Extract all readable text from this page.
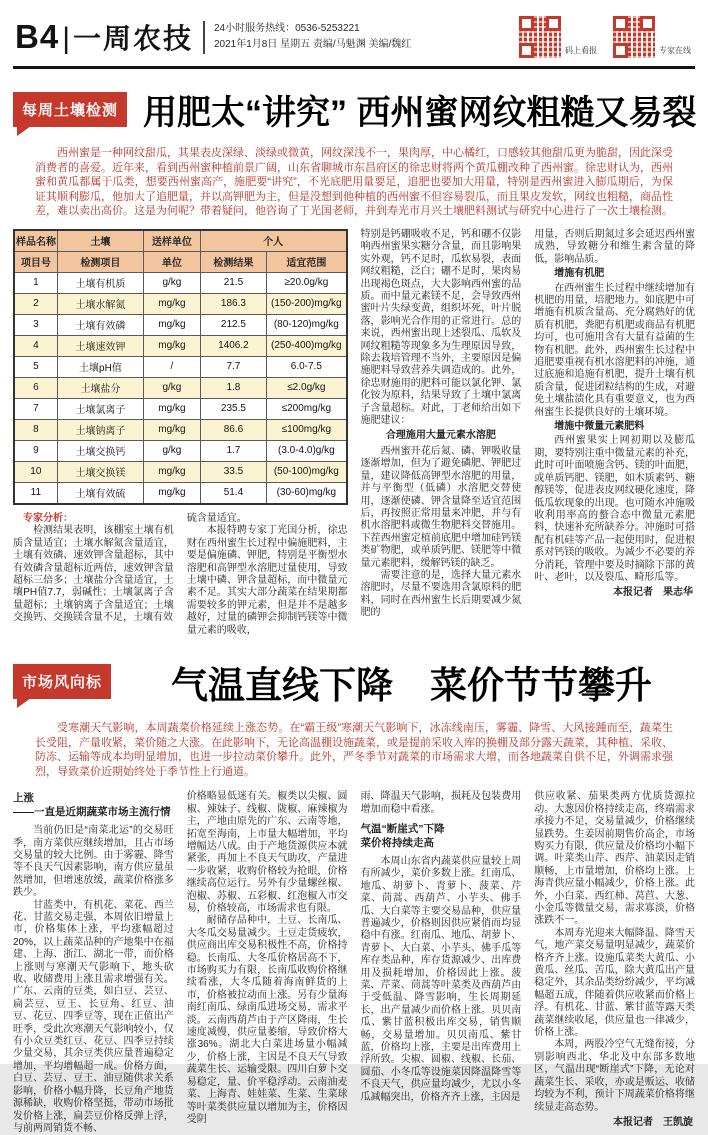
B4 | 一周农技 24小时服务热线：0536-5253221
2021年1月8日 星期五 责编/马魁渊 美编/魏红
码上看报	专家在线
每周土壤检测 用肥太“讲究” 西州蜜网纹粗糙又易裂

西州蜜是一种网纹甜瓜，其果表皮深绿、淡绿或微黄，网纹深浅不一，果肉厚，中心橘红，口感较其他甜瓜更为脆甜，因此深受消费者的喜爱。近年来，看到西州蜜种植前景广阔，山东省聊城市东昌府区的徐忠财将两个黄瓜棚改种了西州蜜。徐忠财认为，西州蜜和黄瓜都属于瓜类，想要西州蜜高产，施肥要“讲究”，不光底肥用量要足，追肥也要加大用量，特别是西州蜜进入膨瓜期后，为保证其顺利膨瓜，他加大了追肥量，并以高钾肥为主，但是没想到他种植的西州蜜不但容易裂瓜，而且果皮发软，网纹也粗糙，商品性差，难以卖出高价。这是为何呢？带着疑问，他咨询了丁光国老师，并到寿光市月兴土壤肥料测试与研究中心进行了一次土壤检测。

样品名称	土壤	送样单位	个人	
项目号	检测项目	单位	检测结果	适宜范围
1	土壤有机质	g/kg	21.5	≥20.0g/kg
2	土壤水解氮	mg/kg	186.3	(150-200)mg/kg
3	土壤有效磷	mg/kg	212.5	(80-120)mg/kg
4	土壤速效钾	mg/kg	1406.2	(250-400)mg/kg
5	土壤pH值	/	7.7	6.0-7.5
6	土壤盐分	g/kg	1.8	≤2.0g/kg
7	土壤氯离子	mg/kg	235.5	≤200mg/kg
8	土壤钠离子	mg/kg	86.6	≤100mg/kg
9	土壤交换钙	g/kg	1.7	(3.0-4.0)g/kg
10	土壤交换镁	mg/kg	33.5	(50-100)mg/kg
11	土壤有效硫	mg/kg	51.4	(30-60)mg/kg

专家分析：

检测结果表明，该棚室土壤有机质含量适宜；土壤水解氮含量适宜，土壤有效磷、速效钾含量超标，其中有效磷含量超标近两倍，速效钾含量超标三倍多；土壤盐分含量适宜，土壤PH值7.7，弱碱性；土壤氯离子含量超标；土壤钠离子含量适宜；土壤交换钙、交换镁含量不足，土壤有效

硫含量适宜。

本报特聘专家丁光国分析，徐忠财在西州蜜生长过程中偏施肥料，主要是偏施磷、钾肥，特别是平衡型水溶肥和高钾型水溶肥过量使用，导致土壤中磷、钾含量超标，而中微量元素不足。其实大部分蔬菜在结果期都需要较多的钾元素，但是并不是越多越好，过量的磷钾会抑制钙镁等中微量元素的吸收，

特别是钙硼吸收不足，钙和硼不仅影响西州蜜果实糖分含量，而且影响果实外观，钙不足时，瓜软易裂，表面网纹粗糙，泛白；硼不足时，果肉易出现褐色斑点，大大影响西州蜜的品质。而中量元素镁不足，会导致西州蜜叶片失绿变黄，组织坏死，叶片脱落，影响光合作用的正常进行。总的来说，西州蜜出现上述裂瓜、瓜软及网纹粗糙等现象多为生理原因导致，除去栽培管理不当外，主要原因是偏施肥料导致营养失调造成的。此外，徐忠财施用的肥料可能以氯化钾、氯化铵为原料，结果导致了土壤中氯离子含量超标。对此，丁老师给出如下施肥建议：

合理施用大量元素水溶肥

西州蜜开花后氮、磷、钾吸收量逐渐增加，但为了避免磷肥、钾肥过量，建议降低高钾型水溶肥的用量，并与平衡型（低磷）水溶肥交替使用，逐渐使磷、钾含量降至适宜范围后，再按照正常用量来冲肥，并与有机水溶肥料或微生物肥料交替施用。下茬西州蜜定植前底肥中增加硅钙镁类矿物肥，或单质钙肥、镁肥等中微量元素肥料，缓解钙镁的缺乏。

需要注意的是，选择大量元素水溶肥时，尽量不要选用含氯原料的肥料，同时在西州蜜生长后期要减少氮肥的

用量，否则后期氮过多会延迟西州蜜成熟，导致糖分和维生素含量的降低，影响品质。

增施有机肥

在西州蜜生长过程中继续增加有机肥的用量，培肥地力。如底肥中可增施有机质含量高、充分腐熟好的优质有机肥，粪肥有机肥或商品有机肥均可，也可施用含有大量有益菌的生物有机肥。此外，西州蜜生长过程中追肥要重视有机水溶肥料的冲施，通过底施和追施有机肥，提升土壤有机质含量，促进团粒结构的生成，对避免土壤盐渍化具有重要意义，也为西州蜜生长提供良好的土壤环境。

增施中微量元素肥料

西州蜜果实上网初期以及膨瓜期，要特别注重中微量元素的补充，此时可叶面喷施含钙、镁的叶面肥，或单质钙肥、镁肥，如木质素钙、糖醇镁等，促进表皮网纹硬化速度，降低瓜软现象的出现。也可随水冲施吸收利用率高的螯合态中微量元素肥料，快速补充所缺养分。冲施时可搭配有机硅等产品一起使用时，促进根系对钙镁的吸收。为减少不必要的养分消耗，管理中要及时摘除下部的黄叶、老叶，以及裂瓜、畸形瓜等。

本报记者　果志华

市场风向标 气温直线下降　菜价节节攀升

受寒潮天气影响，本周蔬菜价格延续上涨态势。在“霸王级”寒潮天气影响下，冰冻线南压，雾霾、降雪、大风接踵而至，蔬菜生长受阻，产量收紧，菜价随之大涨。在此影响下，无论高温棚设施蔬菜，或是提前采收入库的换棚及部分露天蔬菜，其种植、采收、防冻、运输等成本均明显增加，也进一步拉动菜价攀升。此外，严冬季节对蔬菜的市场需求大增，而各地蔬菜自供不足，外调需求强烈，导致菜价近期始终处于季节性上行通道。

上涨

——一直是近期蔬菜市场主流行情

当前仍旧是“南菜北运”的交易旺季，南方菜供应继续增加，且占市场交易量的较大比例。由于雾霾、降雪等不良天气因素影响，南方供应量虽然增加，但增速放缓，蔬菜价格涨多跌少。

甘蓝类中，有机花、菜花、西兰花、甘蓝交易走强，本周依旧增量上市，价格集体上涨，平均涨幅超过20%，以上蔬菜品种的产地集中在福建、上海、浙江、湖北一带，而价格上涨则与寒潮天气影响下，地头砍收、收储费用上涨且需求增强有关。广东、云南的豆类，如白豆、芸豆、扁芸豆、豆王、长豆角、红豆、油豆、花豆、四季豆等，现在正值出产旺季，受此次寒潮天气影响较小，仅有小众豆类红豆、花豆、四季豆持续少量交易，其余豆类供应量普遍稳定增加，平均增幅超一成。价格方面，白豆、芸豆、豆王、油豆随供求关系影响，价格小幅升降，长豆角产地货源稀缺，收购价格坚挺，带动市场批发价格上涨，扁芸豆价格反弹上浮，与前两周销货不畅、

价格略显低迷有关。椒类以尖椒、圆椒、辣妹子、线椒、陇椒、麻辣椒为主，产地由原先的广东、云南等地，拓宽至海南，上市量大幅增加，平均增幅达八成。由于产地货源供应本就紧张，再加上不良天气助攻，产量进一步收紧，收购价格较为抢眼，价格继续高位运行。另外有少量螺丝椒、泡椒、苏椒、五彩椒、红泡椒入市交易，价格较高，市场需求也有限。

耐储存品种中，土豆、长南瓜、大冬瓜交易量减少。土豆走货疲软，供应商出库交易积极性不高，价格持稳。长南瓜、大冬瓜价格居高不下，市场购买力有限，长南瓜收购价格继续看涨，大冬瓜随着海南鲜货的上市，价格被拉动而上涨。另有少量海南红南瓜、绿南瓜进场交易，需求平淡。云南西葫芦由于产区降雨，生长速度减慢，供应量萎缩，导致价格大涨36%。湖北大白菜进场量小幅减少，价格上涨，主因是不良天气导致蔬菜生长、运输受限。四川白萝卜交易稳定，量、价平稳浮动。云南油麦菜、上海青、娃娃菜、生菜、生菜球等叶菜类供应量以增加为主，价格因受阴

雨、降温天气影响，损耗及包装费用增加而稳中看涨。

气温“断崖式”下降

菜价将持续走高

本周山东省内蔬菜供应量较上周有所减少，菜价多数上涨。红南瓜、地瓜、胡萝卜、青萝卜、菠菜、芹菜、茼蒿、西葫芦、小芋头、佛手瓜、大白菜等主要交易品种，供应量普遍减少，价格则因供应紧俏而均显稳中有涨。红南瓜、地瓜、胡萝卜、青萝卜、大白菜、小芋头、佛手瓜等库存类品种，库存货源减少、出库费用及损耗增加，价格因此上涨。菠菜、芹菜、茼蒿等叶菜类及西葫芦由于受低温、降雪影响，生长周期延长，出产量减少而价格上涨。贝贝南瓜、紫甘蓝积极出库交易，销售顺畅，交易量增加。贝贝南瓜、紫甘蓝，价格均上涨，主要是出库费用上浮所致。尖椒、圆椒、线椒、长茄、圆茄、小冬瓜等设施菜因降温降雪等不良天气，供应量均减少，尤以小冬瓜减幅突出，价格齐齐上涨，主因是

供应收紧、茄果类两方优质货源拉动。大葱因价格持续走高，终端需求承接力不足，交易量减少，价格继续显跌势。生姜因前期售价高企，市场购买力有限，供应量及价格均小幅下调。叶菜类山芹、西芹、油菜因走销顺畅，上市量增加，价格均上涨。上海青供应量小幅减少，价格上涨。此外，小白菜、西红柿、莴苣、大葱、小金瓜等微量交易，需求寡淡，价格涨跌不一。

本周寿光迎来大幅降温、降雪天气，地产菜交易量明显减少，蔬菜价格齐齐上涨。设施瓜菜类大黄瓜、小黄瓜、丝瓜、苦瓜，除大黄瓜出产量稳定外，其余品类纷纷减少，平均减幅超五成，伴随着供应收紧而价格上浮。有机花、甘蓝、紫甘蓝等露天类蔬菜继续收尾，供应量也一律减少，价格上涨。

本周，两股冷空气无缝衔接，分别影响西北、华北及中东部多数地区，气温出现“断崖式”下降，无论对蔬菜生长、采收，亦或是贩运、收储均较为不利，预计下周蔬菜价格将继续显走高态势。

本报记者　王凯旋
